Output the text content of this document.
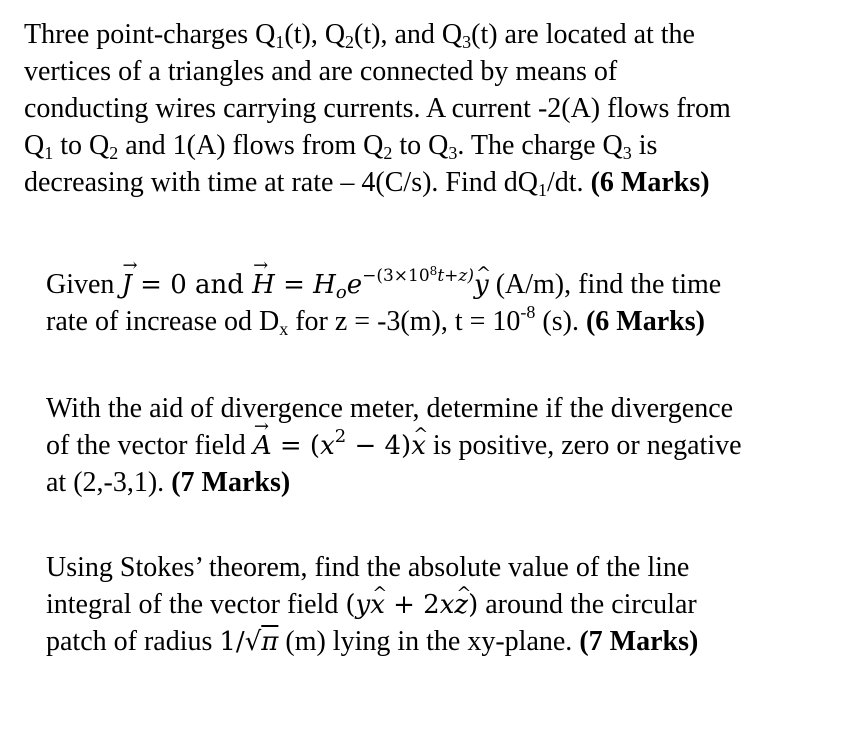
Three point-charges $Q_1(t)$, $Q_2(t)$, and $Q_3(t)$ are located at the
vertices of a triangles and are connected by means of
conducting wires carrying currents. A current -2(A) flows from
$Q_1$ to $Q_2$ and 1(A) flows from $Q_2$ to $Q_3$. The charge $Q_3$ is
decreasing with time at rate – 4(C/s). Find $dQ_1/dt$. (6 Marks)
Given → J = 0 and → $H = H_oe^{-(3\times 10^8t+z)}\^{}$ y (A/m), find the time
rate of increase od $D_x$ for z = -3(m), $t = 10^{-8}$ (s). (6 Marks)
With the aid of divergence meter, determine if the divergence
of the vector field → $A = (x^2$ − 4)^ x is positive, zero or negative
at (2,-3,1). (7 Marks)
Using Stokes’ theorem, find the absolute value of the line
integral of the vector field (y^ x + 2x^ z) around the circular
patch of radius 1/√π (m) lying in the xy-plane. (7 Marks)
